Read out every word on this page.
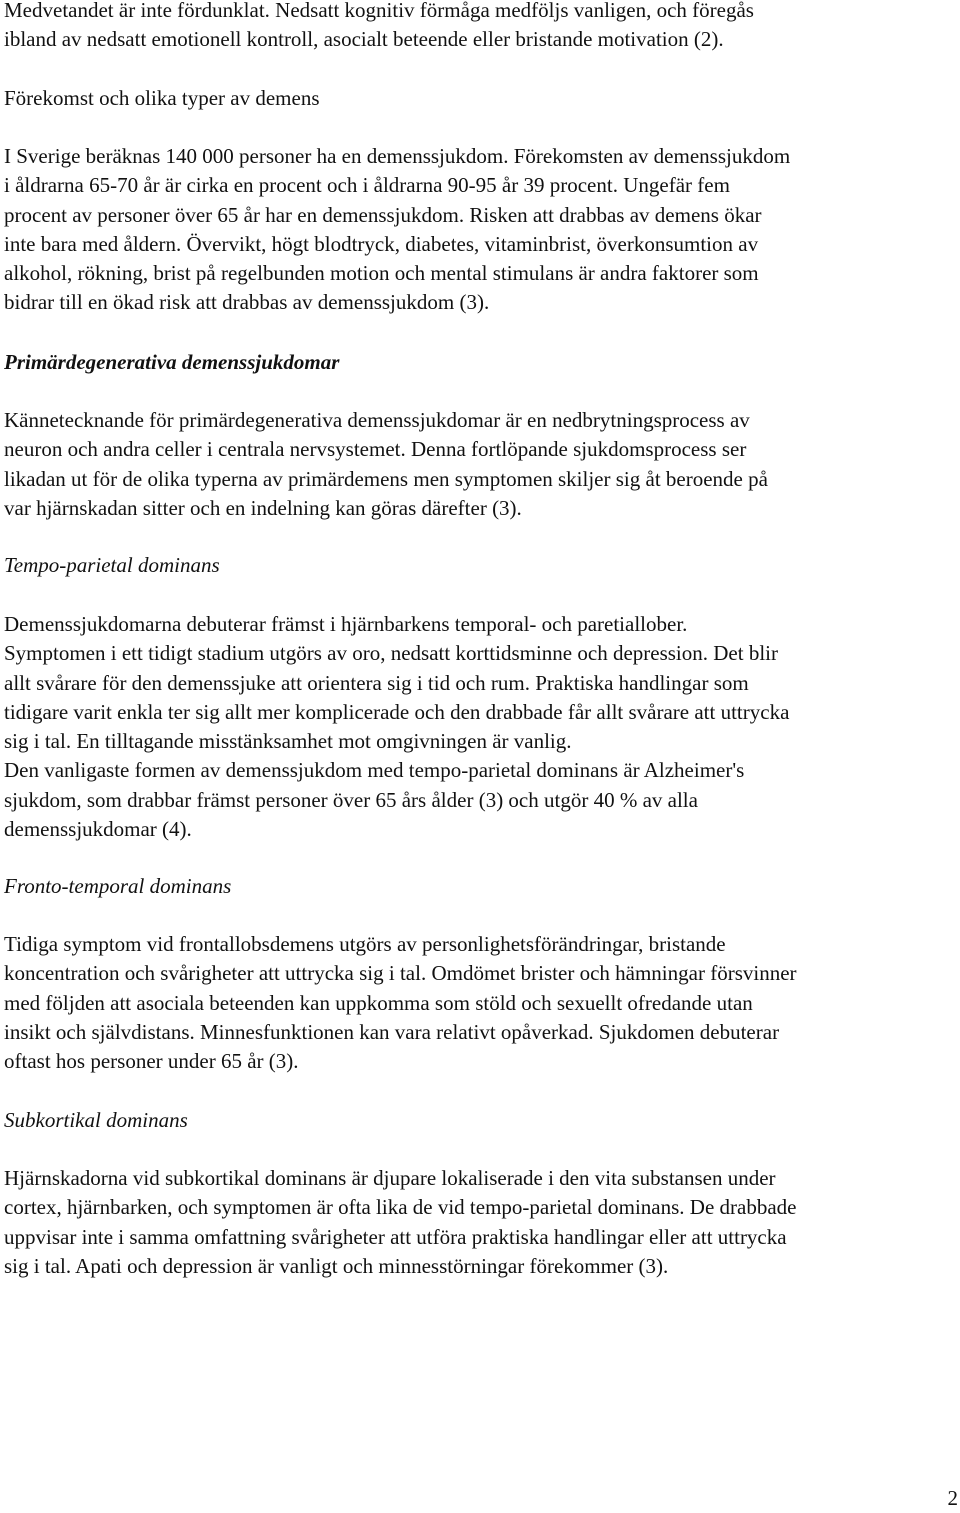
Medvetandet är inte fördunklat. Nedsatt kognitiv förmåga medföljs vanligen, och föregås
ibland av nedsatt emotionell kontroll, asocialt beteende eller bristande motivation (2).

Förekomst och olika typer av demens

I Sverige beräknas 140 000 personer ha en demenssjukdom. Förekomsten av demenssjukdom
i åldrarna 65-70 år är cirka en procent och i åldrarna 90-95 år 39 procent. Ungefär fem
procent av personer över 65 år har en demenssjukdom. Risken att drabbas av demens ökar
inte bara med åldern. Övervikt, högt blodtryck, diabetes, vitaminbrist, överkonsumtion av
alkohol, rökning, brist på regelbunden motion och mental stimulans är andra faktorer som
bidrar till en ökad risk att drabbas av demenssjukdom (3).

Primärdegenerativa demenssjukdomar

Kännetecknande för primärdegenerativa demenssjukdomar är en nedbrytningsprocess av
neuron och andra celler i centrala nervsystemet. Denna fortlöpande sjukdomsprocess ser
likadan ut för de olika typerna av primärdemens men symptomen skiljer sig åt beroende på
var hjärnskadan sitter och en indelning kan göras därefter (3).

Tempo-parietal dominans

Demenssjukdomarna debuterar främst i hjärnbarkens temporal- och paretiallober.
Symptomen i ett tidigt stadium utgörs av oro, nedsatt korttidsminne och depression. Det blir
allt svårare för den demenssjuke att orientera sig i tid och rum. Praktiska handlingar som
tidigare varit enkla ter sig allt mer komplicerade och den drabbade får allt svårare att uttrycka
sig i tal. En tilltagande misstänksamhet mot omgivningen är vanlig.
Den vanligaste formen av demenssjukdom med tempo-parietal dominans är Alzheimer's
sjukdom, som drabbar främst personer över 65 års ålder (3) och utgör 40 % av alla
demenssjukdomar (4).

Fronto-temporal dominans

Tidiga symptom vid frontallobsdemens utgörs av personlighetsförändringar, bristande
koncentration och svårigheter att uttrycka sig i tal. Omdömet brister och hämningar försvinner
med följden att asociala beteenden kan uppkomma som stöld och sexuellt ofredande utan
insikt och självdistans. Minnesfunktionen kan vara relativt opåverkad. Sjukdomen debuterar
oftast hos personer under 65 år (3).

Subkortikal dominans

Hjärnskadorna vid subkortikal dominans är djupare lokaliserade i den vita substansen under
cortex, hjärnbarken, och symptomen är ofta lika de vid tempo-parietal dominans. De drabbade
uppvisar inte i samma omfattning svårigheter att utföra praktiska handlingar eller att uttrycka
sig i tal. Apati och depression är vanligt och minnesstörningar förekommer (3).

2
